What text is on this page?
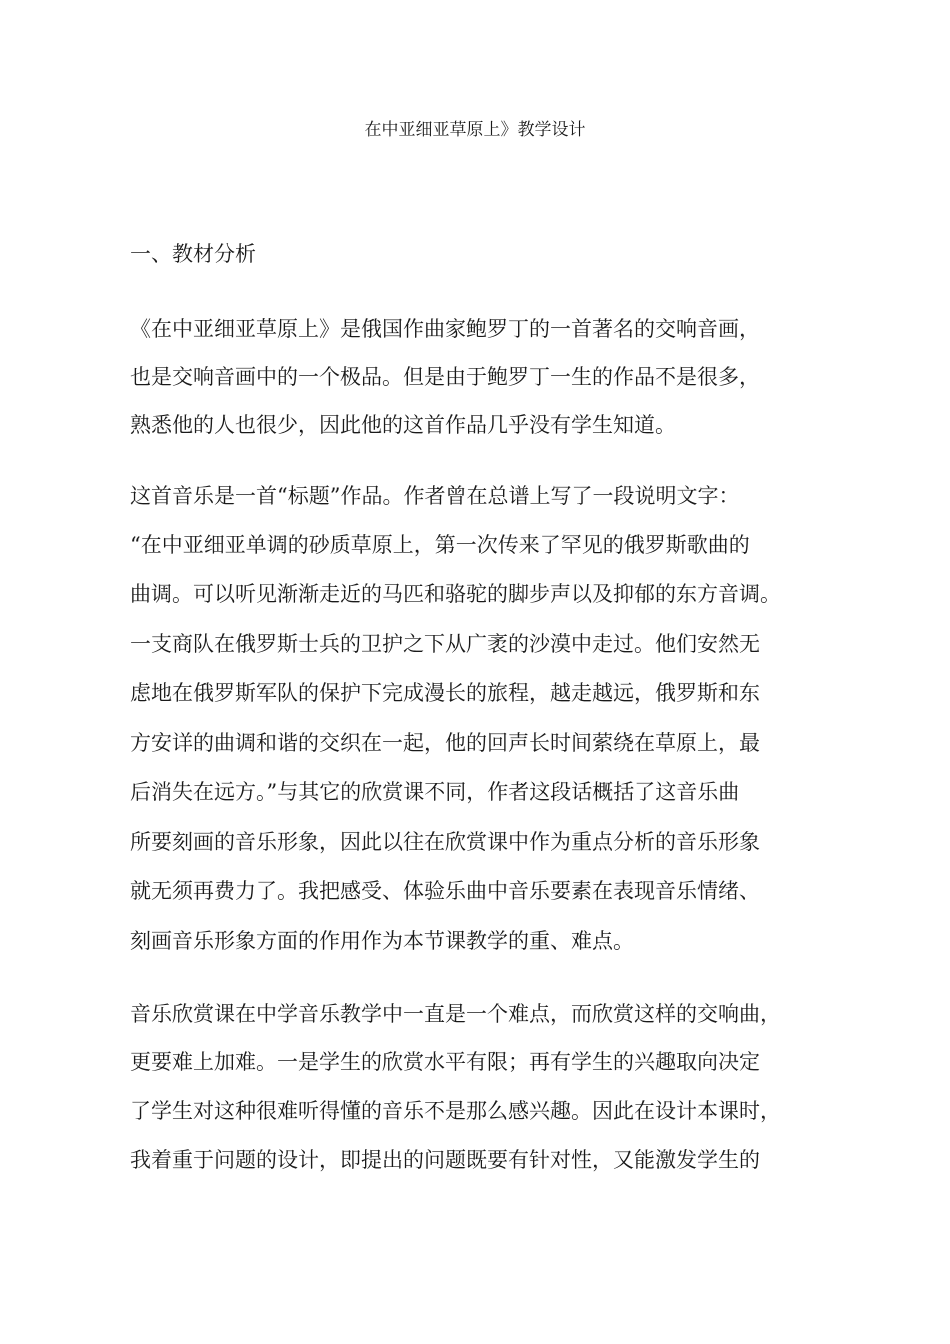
在中亚细亚草原上》教学设计
一、教材分析
《在中亚细亚草原上》是俄国作曲家鲍罗丁的一首著名的交响音画，
也是交响音画中的一个极品。但是由于鲍罗丁一生的作品不是很多，
熟悉他的人也很少，因此他的这首作品几乎没有学生知道。
这首音乐是一首“标题”作品。作者曾在总谱上写了一段说明文字：
“在中亚细亚单调的砂质草原上，第一次传来了罕见的俄罗斯歌曲的
曲调。可以听见渐渐走近的马匹和骆驼的脚步声以及抑郁的东方音调。
一支商队在俄罗斯士兵的卫护之下从广袤的沙漠中走过。他们安然无
虑地在俄罗斯军队的保护下完成漫长的旅程，越走越远，俄罗斯和东
方安详的曲调和谐的交织在一起，他的回声长时间萦绕在草原上，最
后消失在远方。”与其它的欣赏课不同，作者这段话概括了这音乐曲
所要刻画的音乐形象，因此以往在欣赏课中作为重点分析的音乐形象
就无须再费力了。我把感受、体验乐曲中音乐要素在表现音乐情绪、
刻画音乐形象方面的作用作为本节课教学的重、难点。
音乐欣赏课在中学音乐教学中一直是一个难点，而欣赏这样的交响曲，
更要难上加难。一是学生的欣赏水平有限；再有学生的兴趣取向决定
了学生对这种很难听得懂的音乐不是那么感兴趣。因此在设计本课时，
我着重于问题的设计，即提出的问题既要有针对性，又能激发学生的
